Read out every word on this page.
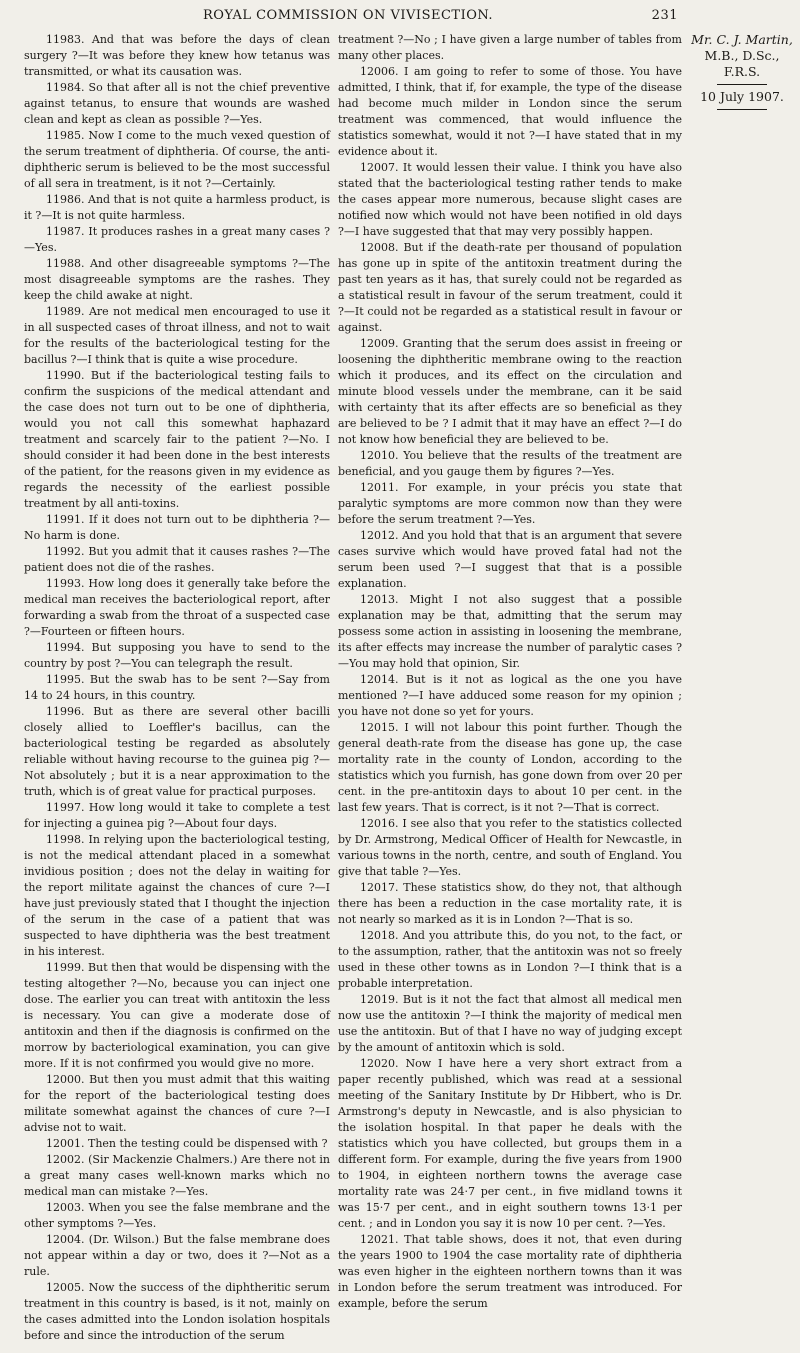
ROYAL COMMISSION ON VIVISECTION.	231

11983. And that was before the days of clean surgery ?—It was before they knew how tetanus was transmitted, or what its causation was.

11984. So that after all is not the chief preventive against tetanus, to ensure that wounds are washed clean and kept as clean as possible ?—Yes.

11985. Now I come to the much vexed question of the serum treatment of diphtheria. Of course, the anti-diphtheric serum is believed to be the most successful of all sera in treatment, is it not ?—Certainly.

11986. And that is not quite a harmless product, is it ?—It is not quite harmless.

11987. It produces rashes in a great many cases ?—Yes.

11988. And other disagreeable symptoms ?—The most disagreeable symptoms are the rashes. They keep the child awake at night.

11989. Are not medical men encouraged to use it in all suspected cases of throat illness, and not to wait for the results of the bacteriological testing for the bacillus ?—I think that is quite a wise procedure.

11990. But if the bacteriological testing fails to confirm the suspicions of the medical attendant and the case does not turn out to be one of diphtheria, would you not call this somewhat haphazard treatment and scarcely fair to the patient ?—No. I should consider it had been done in the best interests of the patient, for the reasons given in my evidence as regards the necessity of the earliest possible treatment by all anti-toxins.

11991. If it does not turn out to be diphtheria ?—No harm is done.

11992. But you admit that it causes rashes ?—The patient does not die of the rashes.

11993. How long does it generally take before the medical man receives the bacteriological report, after forwarding a swab from the throat of a suspected case ?—Fourteen or fifteen hours.

11994. But supposing you have to send to the country by post ?—You can telegraph the result.

11995. But the swab has to be sent ?—Say from 14 to 24 hours, in this country.

11996. But as there are several other bacilli closely allied to Loeffler's bacillus, can the bacteriological testing be regarded as absolutely reliable without having recourse to the guinea pig ?—Not absolutely ; but it is a near approximation to the truth, which is of great value for practical purposes.

11997. How long would it take to complete a test for injecting a guinea pig ?—About four days.

11998. In relying upon the bacteriological testing, is not the medical attendant placed in a somewhat invidious position ; does not the delay in waiting for the report militate against the chances of cure ?—I have just previously stated that I thought the injection of the serum in the case of a patient that was suspected to have diphtheria was the best treatment in his interest.

11999. But then that would be dispensing with the testing altogether ?—No, because you can inject one dose. The earlier you can treat with antitoxin the less is necessary. You can give a moderate dose of antitoxin and then if the diagnosis is confirmed on the morrow by bacteriological examination, you can give more. If it is not confirmed you would give no more.

12000. But then you must admit that this waiting for the report of the bacteriological testing does militate somewhat against the chances of cure ?—I advise not to wait.

12001. Then the testing could be dispensed with ?

12002. (Sir Mackenzie Chalmers.) Are there not in a great many cases well-known marks which no medical man can mistake ?—Yes.

12003. When you see the false membrane and the other symptoms ?—Yes.

12004. (Dr. Wilson.) But the false membrane does not appear within a day or two, does it ?—Not as a rule.

12005. Now the success of the diphtheritic serum treatment in this country is based, is it not, mainly on the cases admitted into the London isolation hospitals before and since the introduction of the serum

treatment ?—No ; I have given a large number of tables from many other places.

12006. I am going to refer to some of those. You have admitted, I think, that if, for example, the type of the disease had become much milder in London since the serum treatment was commenced, that would influence the statistics somewhat, would it not ?—I have stated that in my evidence about it.

12007. It would lessen their value. I think you have also stated that the bacteriological testing rather tends to make the cases appear more numerous, because slight cases are notified now which would not have been notified in old days ?—I have suggested that that may very possibly happen.

12008. But if the death-rate per thousand of population has gone up in spite of the antitoxin treatment during the past ten years as it has, that surely could not be regarded as a statistical result in favour of the serum treatment, could it ?—It could not be regarded as a statistical result in favour or against.

12009. Granting that the serum does assist in freeing or loosening the diphtheritic membrane owing to the reaction which it produces, and its effect on the circulation and minute blood vessels under the membrane, can it be said with certainty that its after effects are so beneficial as they are believed to be ? I admit that it may have an effect ?—I do not know how beneficial they are believed to be.

12010. You believe that the results of the treatment are beneficial, and you gauge them by figures ?—Yes.

12011. For example, in your précis you state that paralytic symptoms are more common now than they were before the serum treatment ?—Yes.

12012. And you hold that that is an argument that severe cases survive which would have proved fatal had not the serum been used ?—I suggest that that is a possible explanation.

12013. Might I not also suggest that a possible explanation may be that, admitting that the serum may possess some action in assisting in loosening the membrane, its after effects may increase the number of paralytic cases ?—You may hold that opinion, Sir.

12014. But is it not as logical as the one you have mentioned ?—I have adduced some reason for my opinion ; you have not done so yet for yours.

12015. I will not labour this point further. Though the general death-rate from the disease has gone up, the case mortality rate in the county of London, according to the statistics which you furnish, has gone down from over 20 per cent. in the pre-antitoxin days to about 10 per cent. in the last few years. That is correct, is it not ?—That is correct.

12016. I see also that you refer to the statistics collected by Dr. Armstrong, Medical Officer of Health for Newcastle, in various towns in the north, centre, and south of England. You give that table ?—Yes.

12017. These statistics show, do they not, that although there has been a reduction in the case mortality rate, it is not nearly so marked as it is in London ?—That is so.

12018. And you attribute this, do you not, to the fact, or to the assumption, rather, that the antitoxin was not so freely used in these other towns as in London ?—I think that is a probable interpretation.

12019. But is it not the fact that almost all medical men now use the antitoxin ?—I think the majority of medical men use the antitoxin. But of that I have no way of judging except by the amount of antitoxin which is sold.

12020. Now I have here a very short extract from a paper recently published, which was read at a sessional meeting of the Sanitary Institute by Dr Hibbert, who is Dr. Armstrong's deputy in Newcastle, and is also physician to the isolation hospital. In that paper he deals with the statistics which you have collected, but groups them in a different form. For example, during the five years from 1900 to 1904, in eighteen northern towns the average case mortality rate was 24·7 per cent., in five midland towns it was 15·7 per cent., and in eight southern towns 13·1 per cent. ; and in London you say it is now 10 per cent. ?—Yes.

12021. That table shows, does it not, that even during the years 1900 to 1904 the case mortality rate of diphtheria was even higher in the eighteen northern towns than it was in London before the serum treatment was introduced. For example, before the serum

Mr. C. J. Martin,
M.B., D.Sc., F.R.S.
10 July 1907.
